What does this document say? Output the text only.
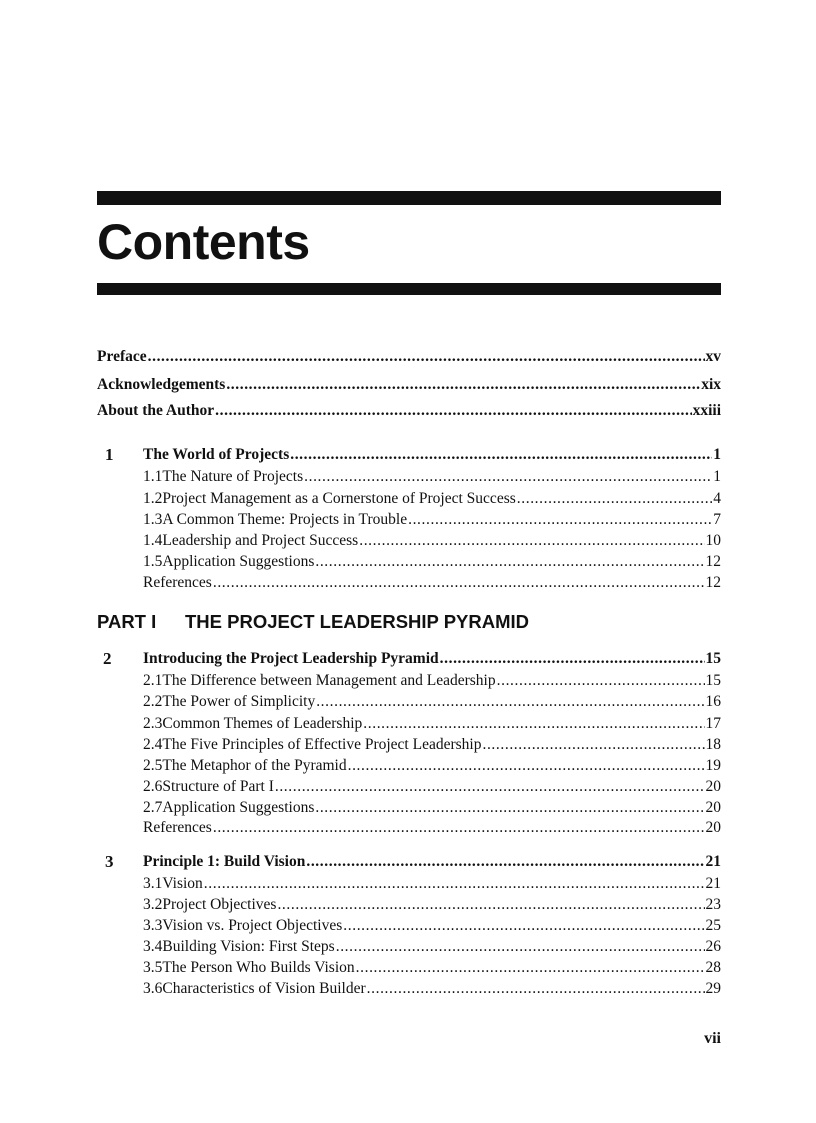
Contents
Preface .....	xv
Acknowledgements .....	xix
About the Author .....	xxiii
1 The World of Projects .....	1
1.1 The Nature of Projects .....	1
1.2 Project Management as a Cornerstone of Project Success .....	4
1.3 A Common Theme: Projects in Trouble .....	7
1.4 Leadership and Project Success .....	10
1.5 Application Suggestions .....	12
References .....	12
PART I THE PROJECT LEADERSHIP PYRAMID
2 Introducing the Project Leadership Pyramid .....	15
2.1 The Difference between Management and Leadership .....	15
2.2 The Power of Simplicity .....	16
2.3 Common Themes of Leadership .....	17
2.4 The Five Principles of Effective Project Leadership .....	18
2.5 The Metaphor of the Pyramid .....	19
2.6 Structure of Part I .....	20
2.7 Application Suggestions .....	20
References .....	20
3 Principle 1: Build Vision .....	21
3.1 Vision .....	21
3.2 Project Objectives .....	23
3.3 Vision vs. Project Objectives .....	25
3.4 Building Vision: First Steps .....	26
3.5 The Person Who Builds Vision .....	28
3.6 Characteristics of Vision Builder .....	29
vii
